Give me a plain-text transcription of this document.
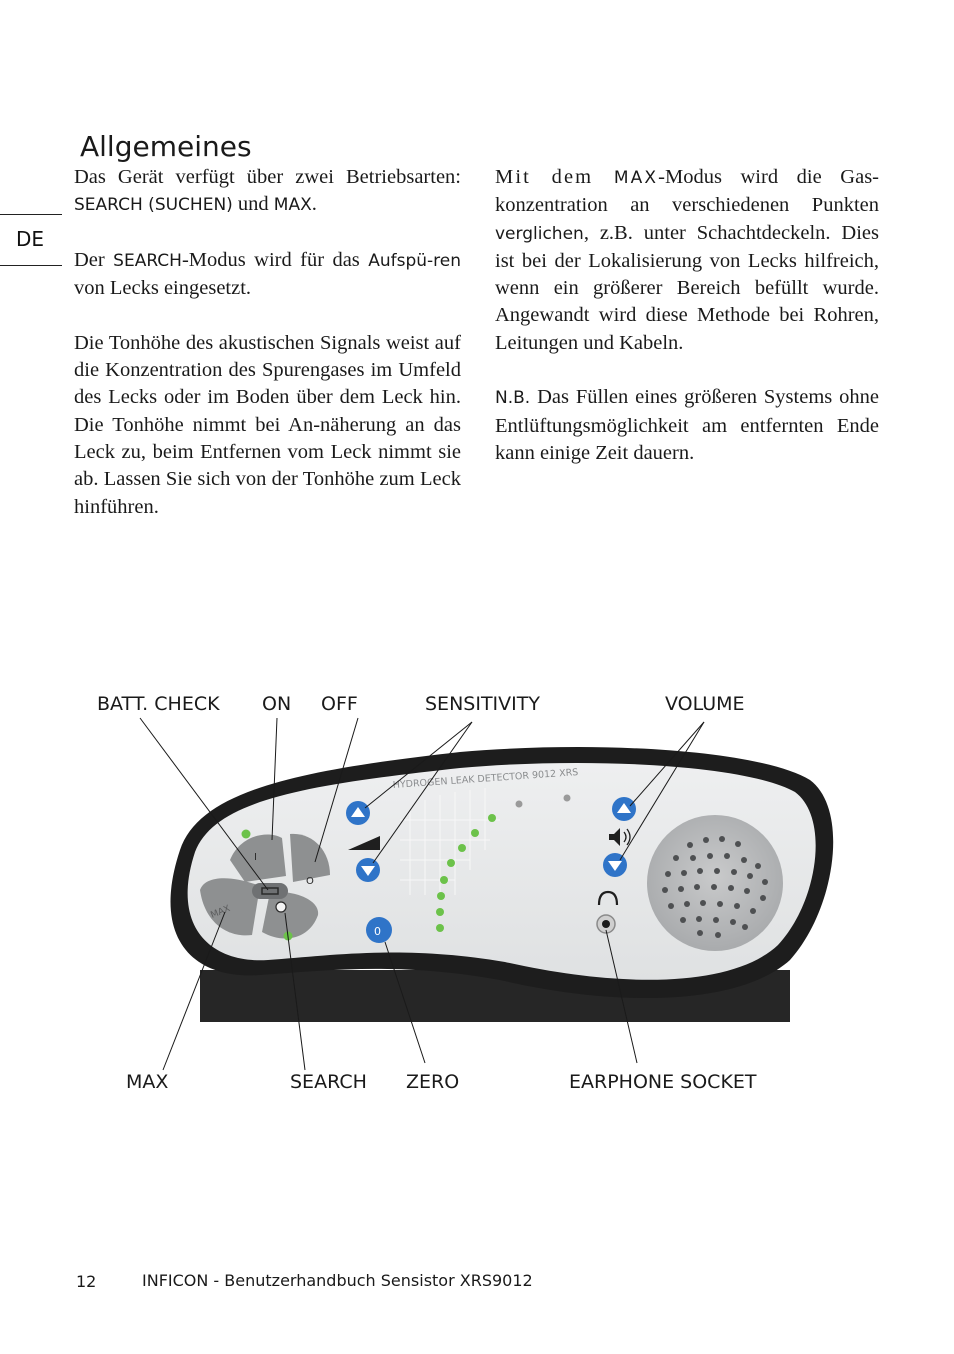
Allgemeines
DE

Das Gerät verfügt über zwei Betriebsarten: SEARCH (SUCHEN) und MAX.

Der SEARCH-Modus wird für das Aufspü-ren von Lecks eingesetzt.

Die Tonhöhe des akustischen Signals weist auf die Konzentration des Spurengases im Umfeld des Lecks oder im Boden über dem Leck hin. Die Tonhöhe nimmt bei An-näherung an das Leck zu, beim Entfernen vom Leck nimmt sie ab. Lassen Sie sich von der Tonhöhe zum Leck hinführen.

Mit dem MAX-Modus wird die Gas-konzentration an verschiedenen Punkten verglichen, z.B. unter Schachtdeckeln. Dies ist bei der Lokalisierung von Lecks hilfreich, wenn ein größerer Bereich befüllt wurde. Angewandt wird diese Methode bei Rohren, Leitungen und Kabeln.

N.B. Das Füllen eines größeren Systems ohne Entlüftungsmöglichkeit am entfernten Ende kann einige Zeit dauern.

HYDROGEN LEAK DETECTOR 9012 XRS
I
O
MAX
0
BATT. CHECK ON OFF	SENSITIVITY	VOLUME
MAX	SEARCH ZERO	EARPHONE SOCKET
12	INFICON - Benutzerhandbuch Sensistor XRS9012
